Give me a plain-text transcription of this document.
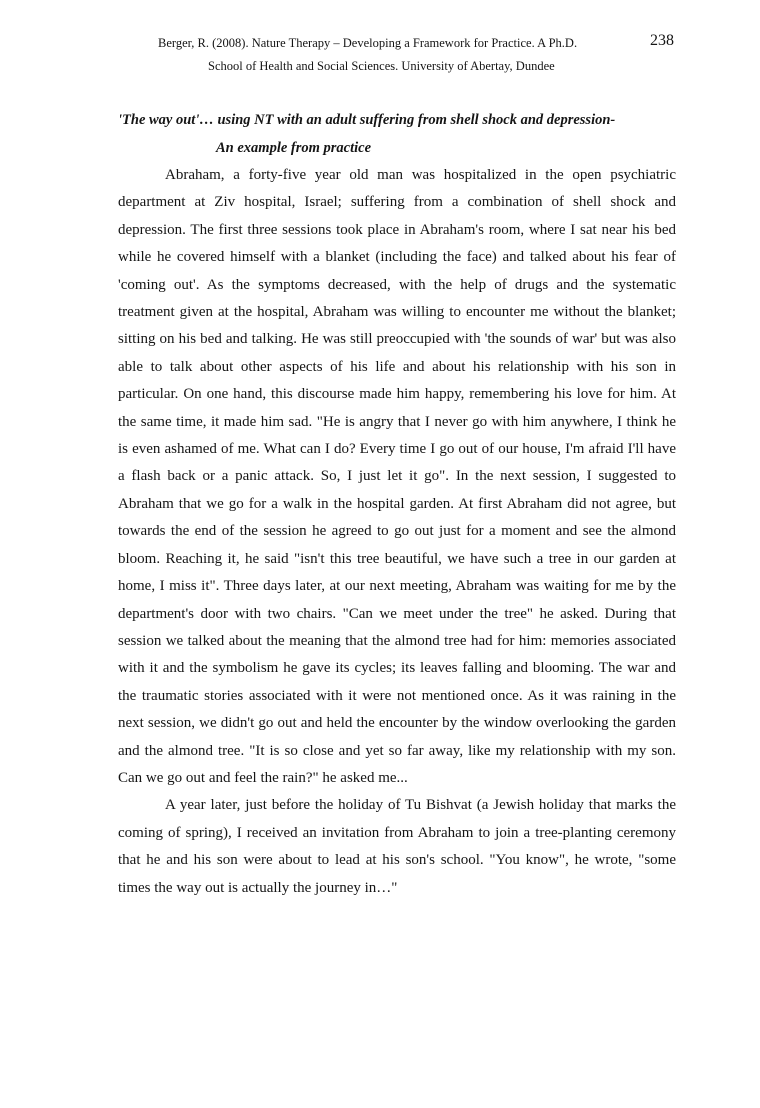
Berger, R. (2008). Nature Therapy – Developing a Framework for Practice. A Ph.D.	238
School of Health and Social Sciences. University of Abertay, Dundee
'The way out'… using NT with an adult suffering from shell shock and depression-
An example from practice

Abraham, a forty-five year old man was hospitalized in the open psychiatric department at Ziv hospital, Israel; suffering from a combination of shell shock and depression. The first three sessions took place in Abraham's room, where I sat near his bed while he covered himself with a blanket (including the face) and talked about his fear of 'coming out'. As the symptoms decreased, with the help of drugs and the systematic treatment given at the hospital, Abraham was willing to encounter me without the blanket; sitting on his bed and talking. He was still preoccupied with 'the sounds of war' but was also able to talk about other aspects of his life and about his relationship with his son in particular. On one hand, this discourse made him happy, remembering his love for him. At the same time, it made him sad. "He is angry that I never go with him anywhere, I think he is even ashamed of me. What can I do? Every time I go out of our house, I'm afraid I'll have a flash back or a panic attack. So, I just let it go". In the next session, I suggested to Abraham that we go for a walk in the hospital garden. At first Abraham did not agree, but towards the end of the session he agreed to go out just for a moment and see the almond bloom. Reaching it, he said "isn't this tree beautiful, we have such a tree in our garden at home, I miss it". Three days later, at our next meeting, Abraham was waiting for me by the department's door with two chairs. "Can we meet under the tree" he asked. During that session we talked about the meaning that the almond tree had for him: memories associated with it and the symbolism he gave its cycles; its leaves falling and blooming. The war and the traumatic stories associated with it were not mentioned once. As it was raining in the next session, we didn't go out and held the encounter by the window overlooking the garden and the almond tree. "It is so close and yet so far away, like my relationship with my son. Can we go out and feel the rain?" he asked me...

A year later, just before the holiday of Tu Bishvat (a Jewish holiday that marks the coming of spring), I received an invitation from Abraham to join a tree-planting ceremony that he and his son were about to lead at his son's school. "You know", he wrote, "some times the way out is actually the journey in…"
